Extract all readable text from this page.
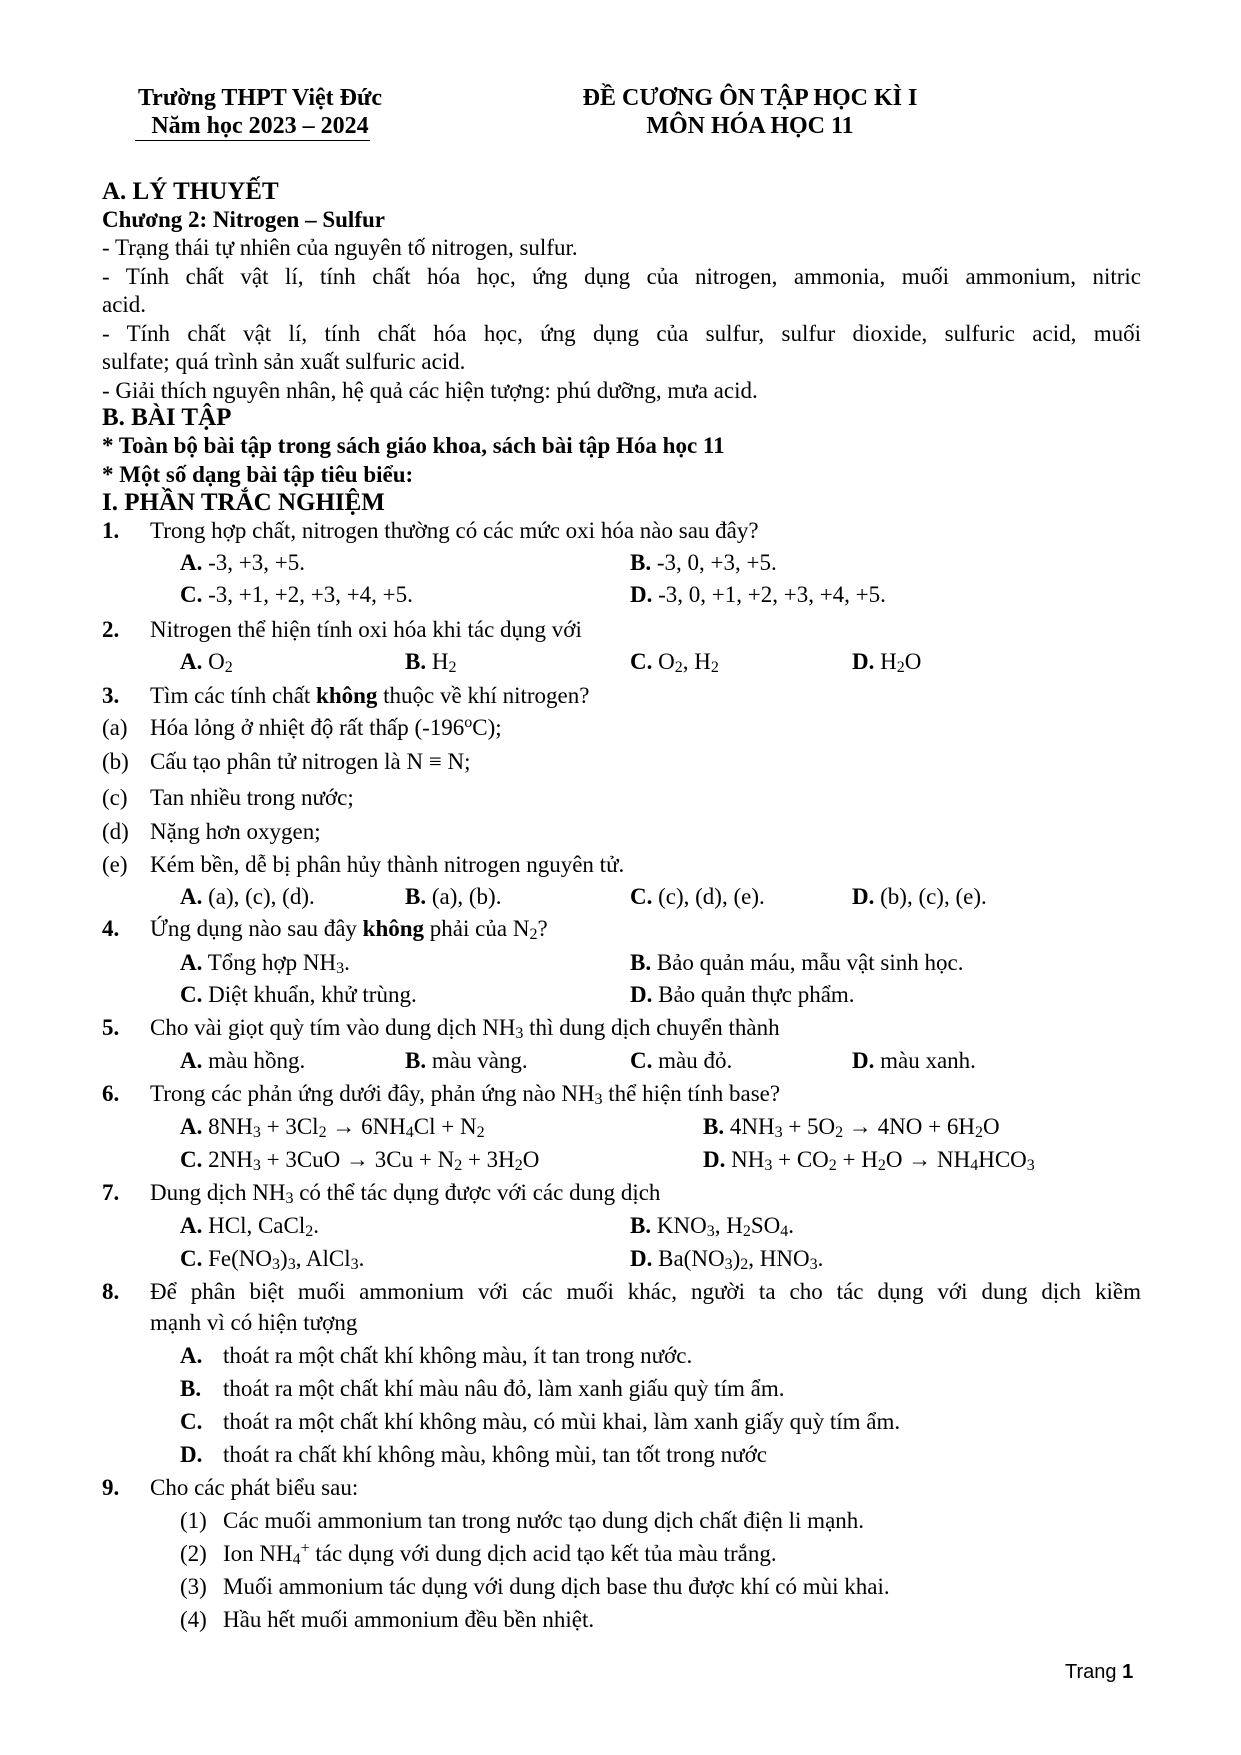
Trường THPT Việt Đức
Năm học 2023 – 2024
ĐỀ CƯƠNG ÔN TẬP HỌC KÌ I
MÔN HÓA HỌC 11
A. LÝ THUYẾT
Chương 2: Nitrogen – Sulfur
- Trạng thái tự nhiên của nguyên tố nitrogen, sulfur.
- Tính chất vật lí, tính chất hóa học, ứng dụng của nitrogen, ammonia, muối ammonium, nitric
acid.
- Tính chất vật lí, tính chất hóa học, ứng dụng của sulfur, sulfur dioxide, sulfuric acid, muối
sulfate; quá trình sản xuất sulfuric acid.
- Giải thích nguyên nhân, hệ quả các hiện tượng: phú dưỡng, mưa acid.
B. BÀI TẬP
* Toàn bộ bài tập trong sách giáo khoa, sách bài tập Hóa học 11
* Một số dạng bài tập tiêu biểu:
I. PHẦN TRẮC NGHIỆM
1. Trong hợp chất, nitrogen thường có các mức oxi hóa nào sau đây?
A. -3, +3, +5.	B. -3, 0, +3, +5.
C. -3, +1, +2, +3, +4, +5.	D. -3, 0, +1, +2, +3, +4, +5.
2. Nitrogen thể hiện tính oxi hóa khi tác dụng với
A. $O_2$	B. $H_2$	C. $O_2$, $H_2$	D. $H_2O$
3. Tìm các tính chất không thuộc về khí nitrogen?
(a) Hóa lỏng ở nhiệt độ rất thấp (-196$^o$C);
(b) Cấu tạo phân tử nitrogen là N ≡ N;
(c) Tan nhiều trong nước;
(d) Nặng hơn oxygen;
(e) Kém bền, dễ bị phân hủy thành nitrogen nguyên tử.
A. (a), (c), (d).	B. (a), (b).	C. (c), (d), (e).	D. (b), (c), (e).
4. Ứng dụng nào sau đây không phải của $N_2$?
A. Tổng hợp $NH_3$.	B. Bảo quản máu, mẫu vật sinh học.
C. Diệt khuẩn, khử trùng.	D. Bảo quản thực phẩm.
5. Cho vài giọt quỳ tím vào dung dịch $NH_3$ thì dung dịch chuyển thành
A. màu hồng.	B. màu vàng.	C. màu đỏ.	D. màu xanh.
6. Trong các phản ứng dưới đây, phản ứng nào $NH_3$ thể hiện tính base?
A. $8NH_3 + 3Cl_2 \to 6NH_4Cl + N_2$	B. $4NH_3 + 5O_2 \to 4NO + 6H_2O$
C. $2NH_3 + 3CuO \to 3Cu + N_2 + 3H_2O$	D. $NH_3 + CO_2 + H_2O \to NH_4HCO_3$
7. Dung dịch $NH_3$ có thể tác dụng được với các dung dịch
A. HCl, CaCl$_2$.	B. $KNO_3$, $H_2SO_4$.
C. $Fe(NO_3)_3$, AlCl$_3$.	D. $Ba(NO_3)_2$, $HNO_3$.
8. Để phân biệt muối ammonium với các muối khác, người ta cho tác dụng với dung dịch kiềm
mạnh vì có hiện tượng
A. thoát ra một chất khí không màu, ít tan trong nước.
B. thoát ra một chất khí màu nâu đỏ, làm xanh giấu quỳ tím ẩm.
C. thoát ra một chất khí không màu, có mùi khai, làm xanh giấy quỳ tím ẩm.
D. thoát ra chất khí không màu, không mùi, tan tốt trong nước
9. Cho các phát biểu sau:
(1) Các muối ammonium tan trong nước tạo dung dịch chất điện li mạnh.
(2) Ion $NH_4^+$ tác dụng với dung dịch acid tạo kết tủa màu trắng.
(3) Muối ammonium tác dụng với dung dịch base thu được khí có mùi khai.
(4) Hầu hết muối ammonium đều bền nhiệt.
Trang 1
